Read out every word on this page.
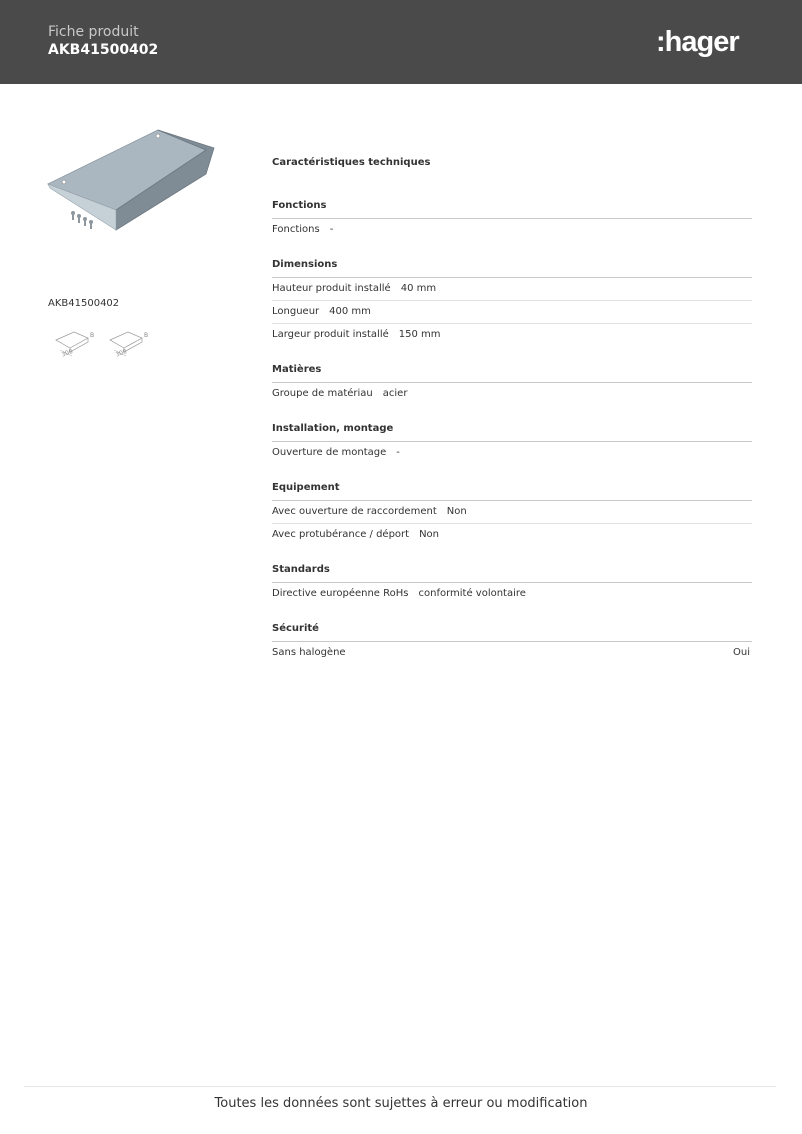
Fiche produit
AKB41500402	:hager
AKB41500402
300
B
300
B
Caractéristiques techniques
Fonctions
Fonctions -
Dimensions
Hauteur produit installé 40 mm
Longueur 400 mm
Largeur produit installé 150 mm
Matières
Groupe de matériau acier
Installation, montage
Ouverture de montage -
Equipement
Avec ouverture de raccordement Non
Avec protubérance / déport Non
Standards
Directive européenne RoHs conformité volontaire
Sécurité
Sans halogène	Oui
Toutes les données sont sujettes à erreur ou modification
